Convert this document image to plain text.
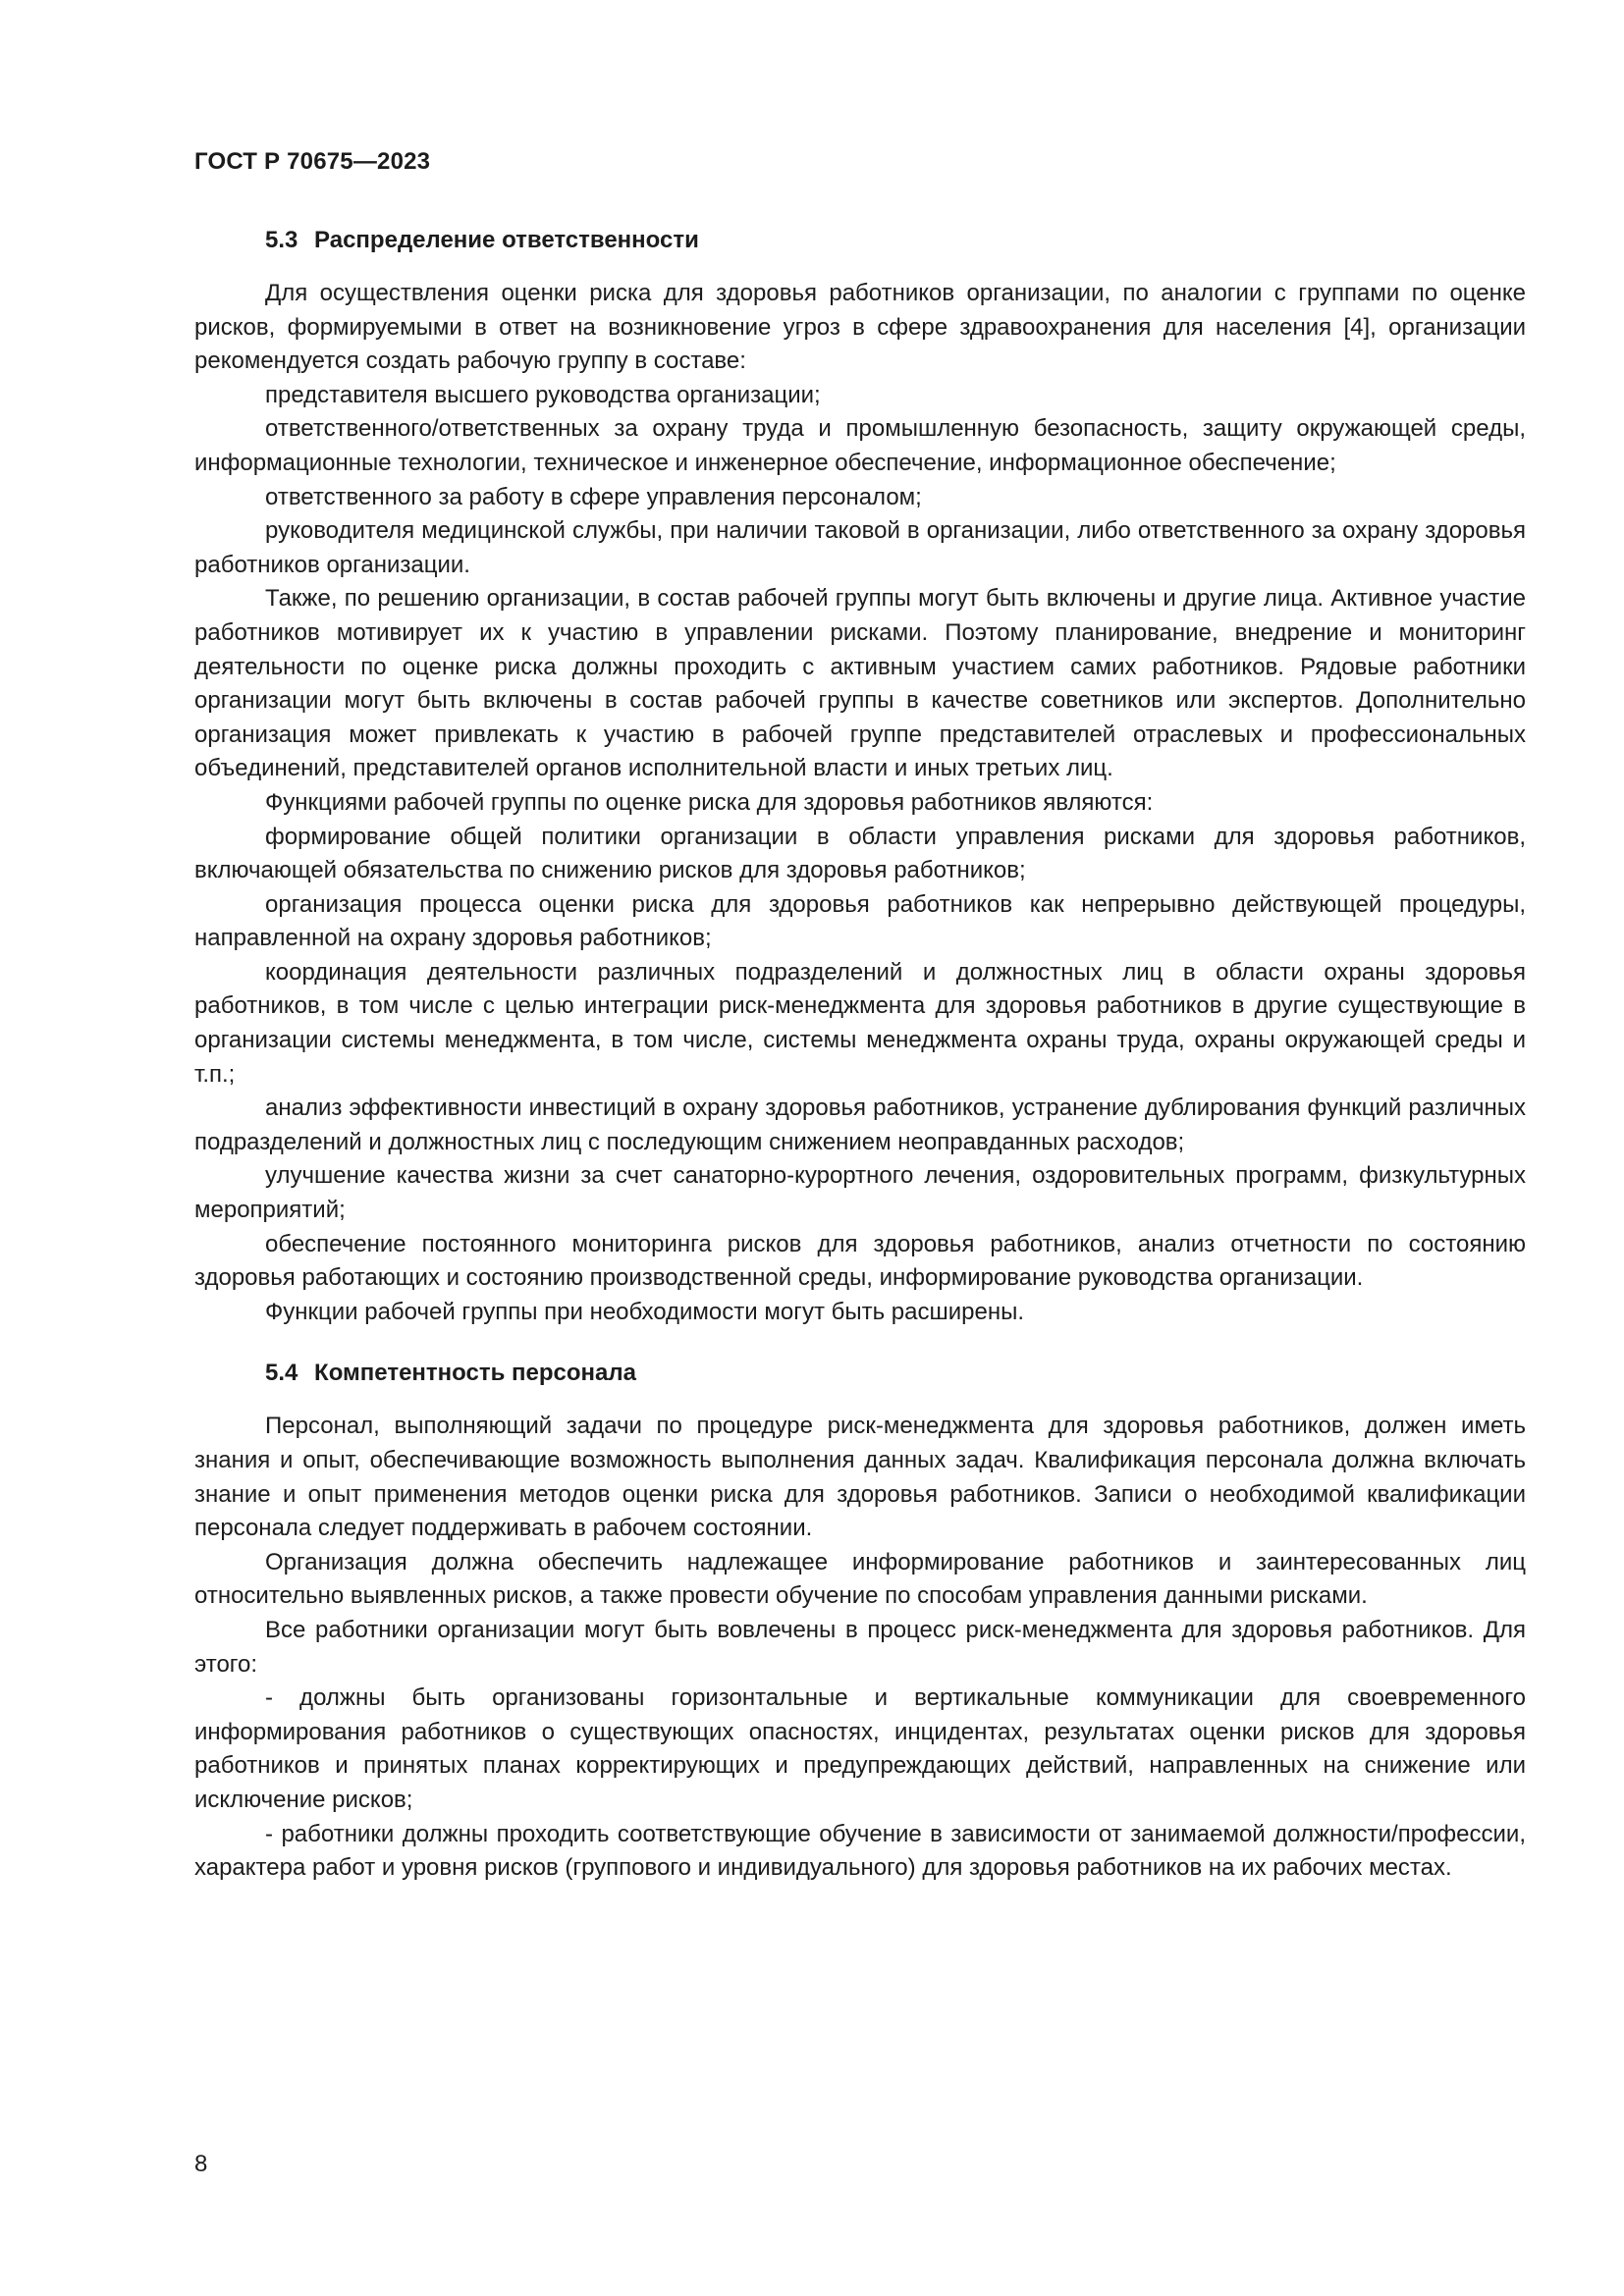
ГОСТ Р 70675—2023
5.3 Распределение ответственности

Для осуществления оценки риска для здоровья работников организации, по аналогии с группами по оценке рисков, формируемыми в ответ на возникновение угроз в сфере здравоохранения для населения [4], организации рекомендуется создать рабочую группу в составе:

представителя высшего руководства организации;

ответственного/ответственных за охрану труда и промышленную безопасность, защиту окружающей среды, информационные технологии, техническое и инженерное обеспечение, информационное обеспечение;

ответственного за работу в сфере управления персоналом;

руководителя медицинской службы, при наличии таковой в организации, либо ответственного за охрану здоровья работников организации.

Также, по решению организации, в состав рабочей группы могут быть включены и другие лица. Активное участие работников мотивирует их к участию в управлении рисками. Поэтому планирование, внедрение и мониторинг деятельности по оценке риска должны проходить с активным участием самих работников. Рядовые работники организации могут быть включены в состав рабочей группы в качестве советников или экспертов. Дополнительно организация может привлекать к участию в рабочей группе представителей отраслевых и профессиональных объединений, представителей органов исполнительной власти и иных третьих лиц.

Функциями рабочей группы по оценке риска для здоровья работников являются:

формирование общей политики организации в области управления рисками для здоровья работников, включающей обязательства по снижению рисков для здоровья работников;

организация процесса оценки риска для здоровья работников как непрерывно действующей процедуры, направленной на охрану здоровья работников;

координация деятельности различных подразделений и должностных лиц в области охраны здоровья работников, в том числе с целью интеграции риск-менеджмента для здоровья работников в другие существующие в организации системы менеджмента, в том числе, системы менеджмента охраны труда, охраны окружающей среды и т.п.;

анализ эффективности инвестиций в охрану здоровья работников, устранение дублирования функций различных подразделений и должностных лиц с последующим снижением неоправданных расходов;

улучшение качества жизни за счет санаторно-курортного лечения, оздоровительных программ, физкультурных мероприятий;

обеспечение постоянного мониторинга рисков для здоровья работников, анализ отчетности по состоянию здоровья работающих и состоянию производственной среды, информирование руководства организации.

Функции рабочей группы при необходимости могут быть расширены.

5.4 Компетентность персонала

Персонал, выполняющий задачи по процедуре риск-менеджмента для здоровья работников, должен иметь знания и опыт, обеспечивающие возможность выполнения данных задач. Квалификация персонала должна включать знание и опыт применения методов оценки риска для здоровья работников. Записи о необходимой квалификации персонала следует поддерживать в рабочем состоянии.

Организация должна обеспечить надлежащее информирование работников и заинтересованных лиц относительно выявленных рисков, а также провести обучение по способам управления данными рисками.

Все работники организации могут быть вовлечены в процесс риск-менеджмента для здоровья работников. Для этого:

- должны быть организованы горизонтальные и вертикальные коммуникации для своевременного информирования работников о существующих опасностях, инцидентах, результатах оценки рисков для здоровья работников и принятых планах корректирующих и предупреждающих действий, направленных на снижение или исключение рисков;

- работники должны проходить соответствующие обучение в зависимости от занимаемой должности/профессии, характера работ и уровня рисков (группового и индивидуального) для здоровья работников на их рабочих местах.

8
